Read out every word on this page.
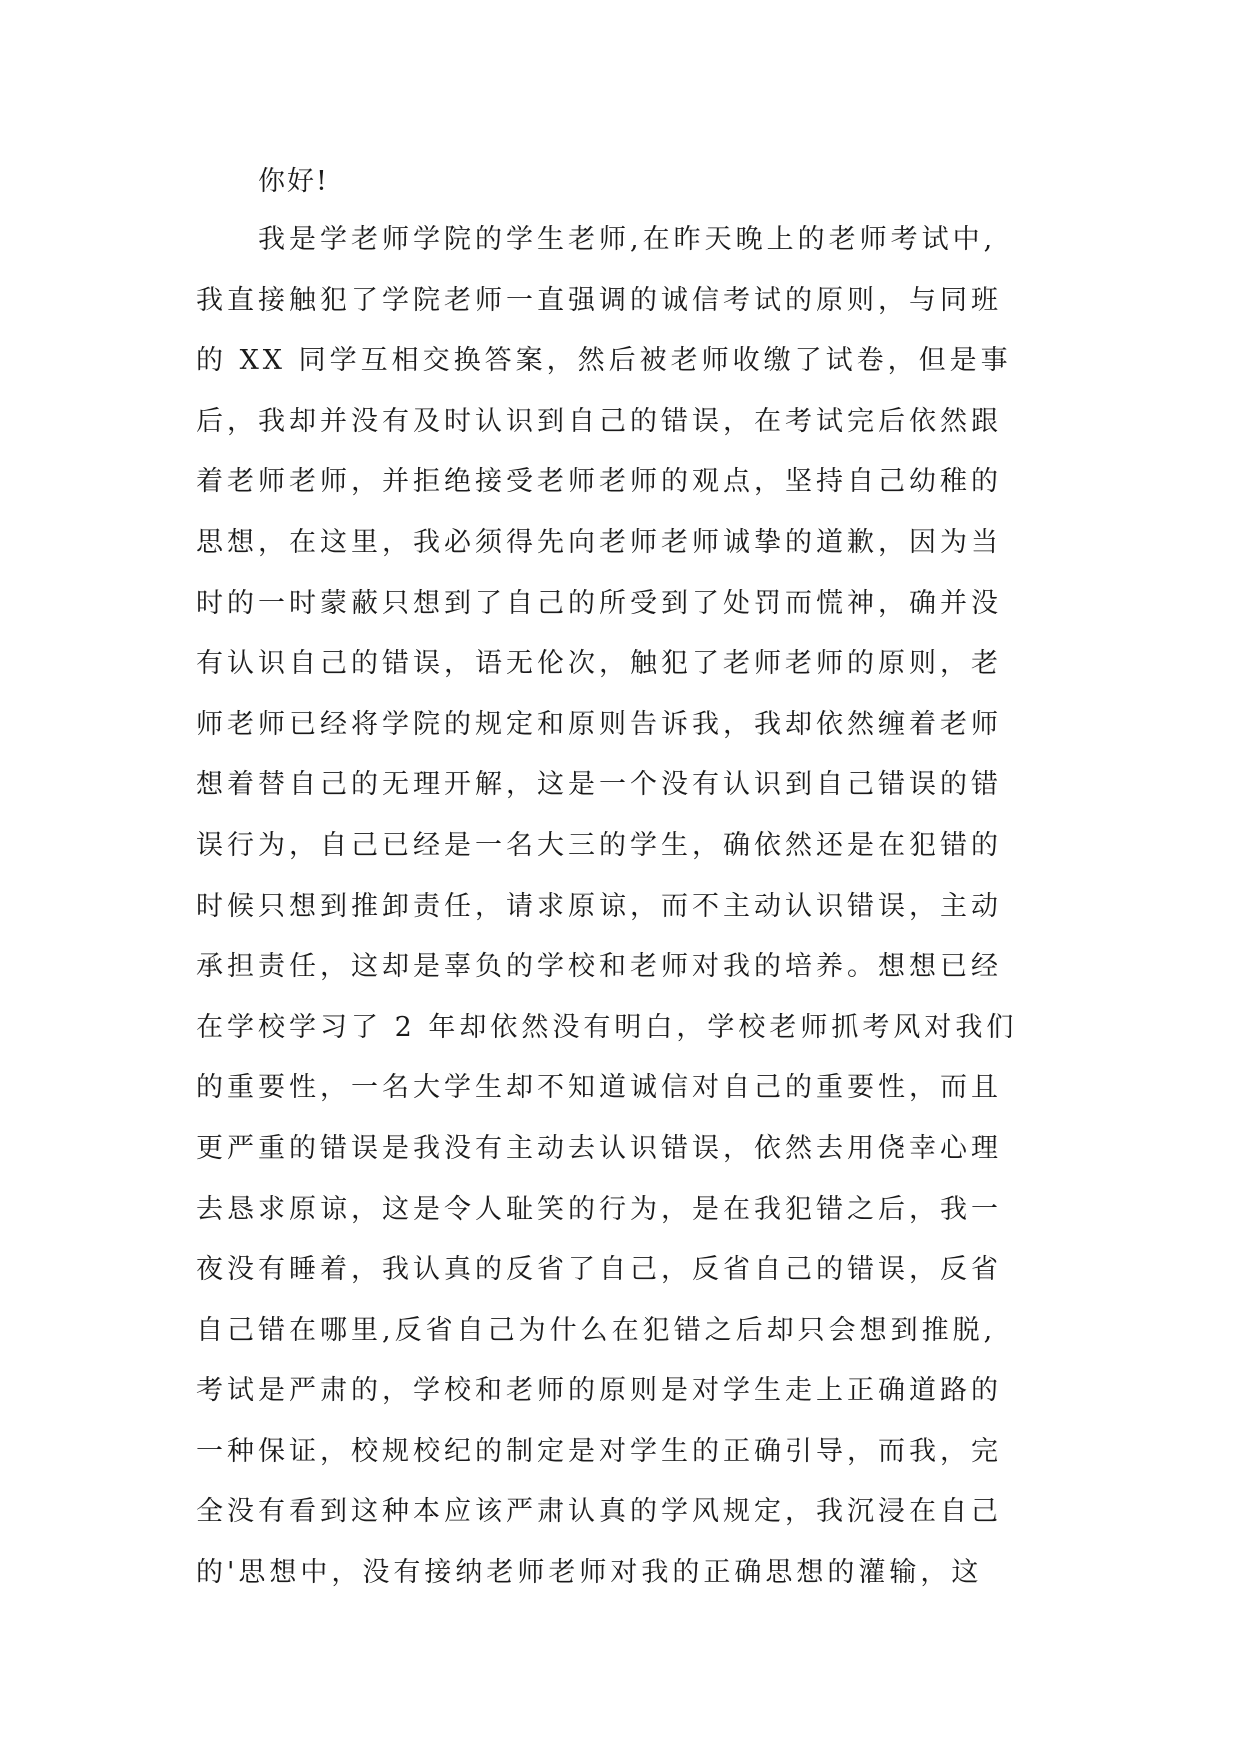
你好!
我是学老师学院的学生老师,在昨天晚上的老师考试中,
我直接触犯了学院老师一直强调的诚信考试的原则，与同班
的 XX 同学互相交换答案，然后被老师收缴了试卷，但是事
后，我却并没有及时认识到自己的错误，在考试完后依然跟
着老师老师，并拒绝接受老师老师的观点，坚持自己幼稚的
思想，在这里，我必须得先向老师老师诚挚的道歉，因为当
时的一时蒙蔽只想到了自己的所受到了处罚而慌神，确并没
有认识自己的错误，语无伦次，触犯了老师老师的原则，老
师老师已经将学院的规定和原则告诉我，我却依然缠着老师
想着替自己的无理开解，这是一个没有认识到自己错误的错
误行为，自己已经是一名大三的学生，确依然还是在犯错的
时候只想到推卸责任，请求原谅，而不主动认识错误，主动
承担责任，这却是辜负的学校和老师对我的培养。想想已经
在学校学习了 2 年却依然没有明白，学校老师抓考风对我们
的重要性，一名大学生却不知道诚信对自己的重要性，而且
更严重的错误是我没有主动去认识错误，依然去用侥幸心理
去恳求原谅，这是令人耻笑的行为，是在我犯错之后，我一
夜没有睡着，我认真的反省了自己，反省自己的错误，反省
自己错在哪里,反省自己为什么在犯错之后却只会想到推脱,
考试是严肃的，学校和老师的原则是对学生走上正确道路的
一种保证，校规校纪的制定是对学生的正确引导，而我，完
全没有看到这种本应该严肃认真的学风规定，我沉浸在自己
的'思想中，没有接纳老师老师对我的正确思想的灌输，这
